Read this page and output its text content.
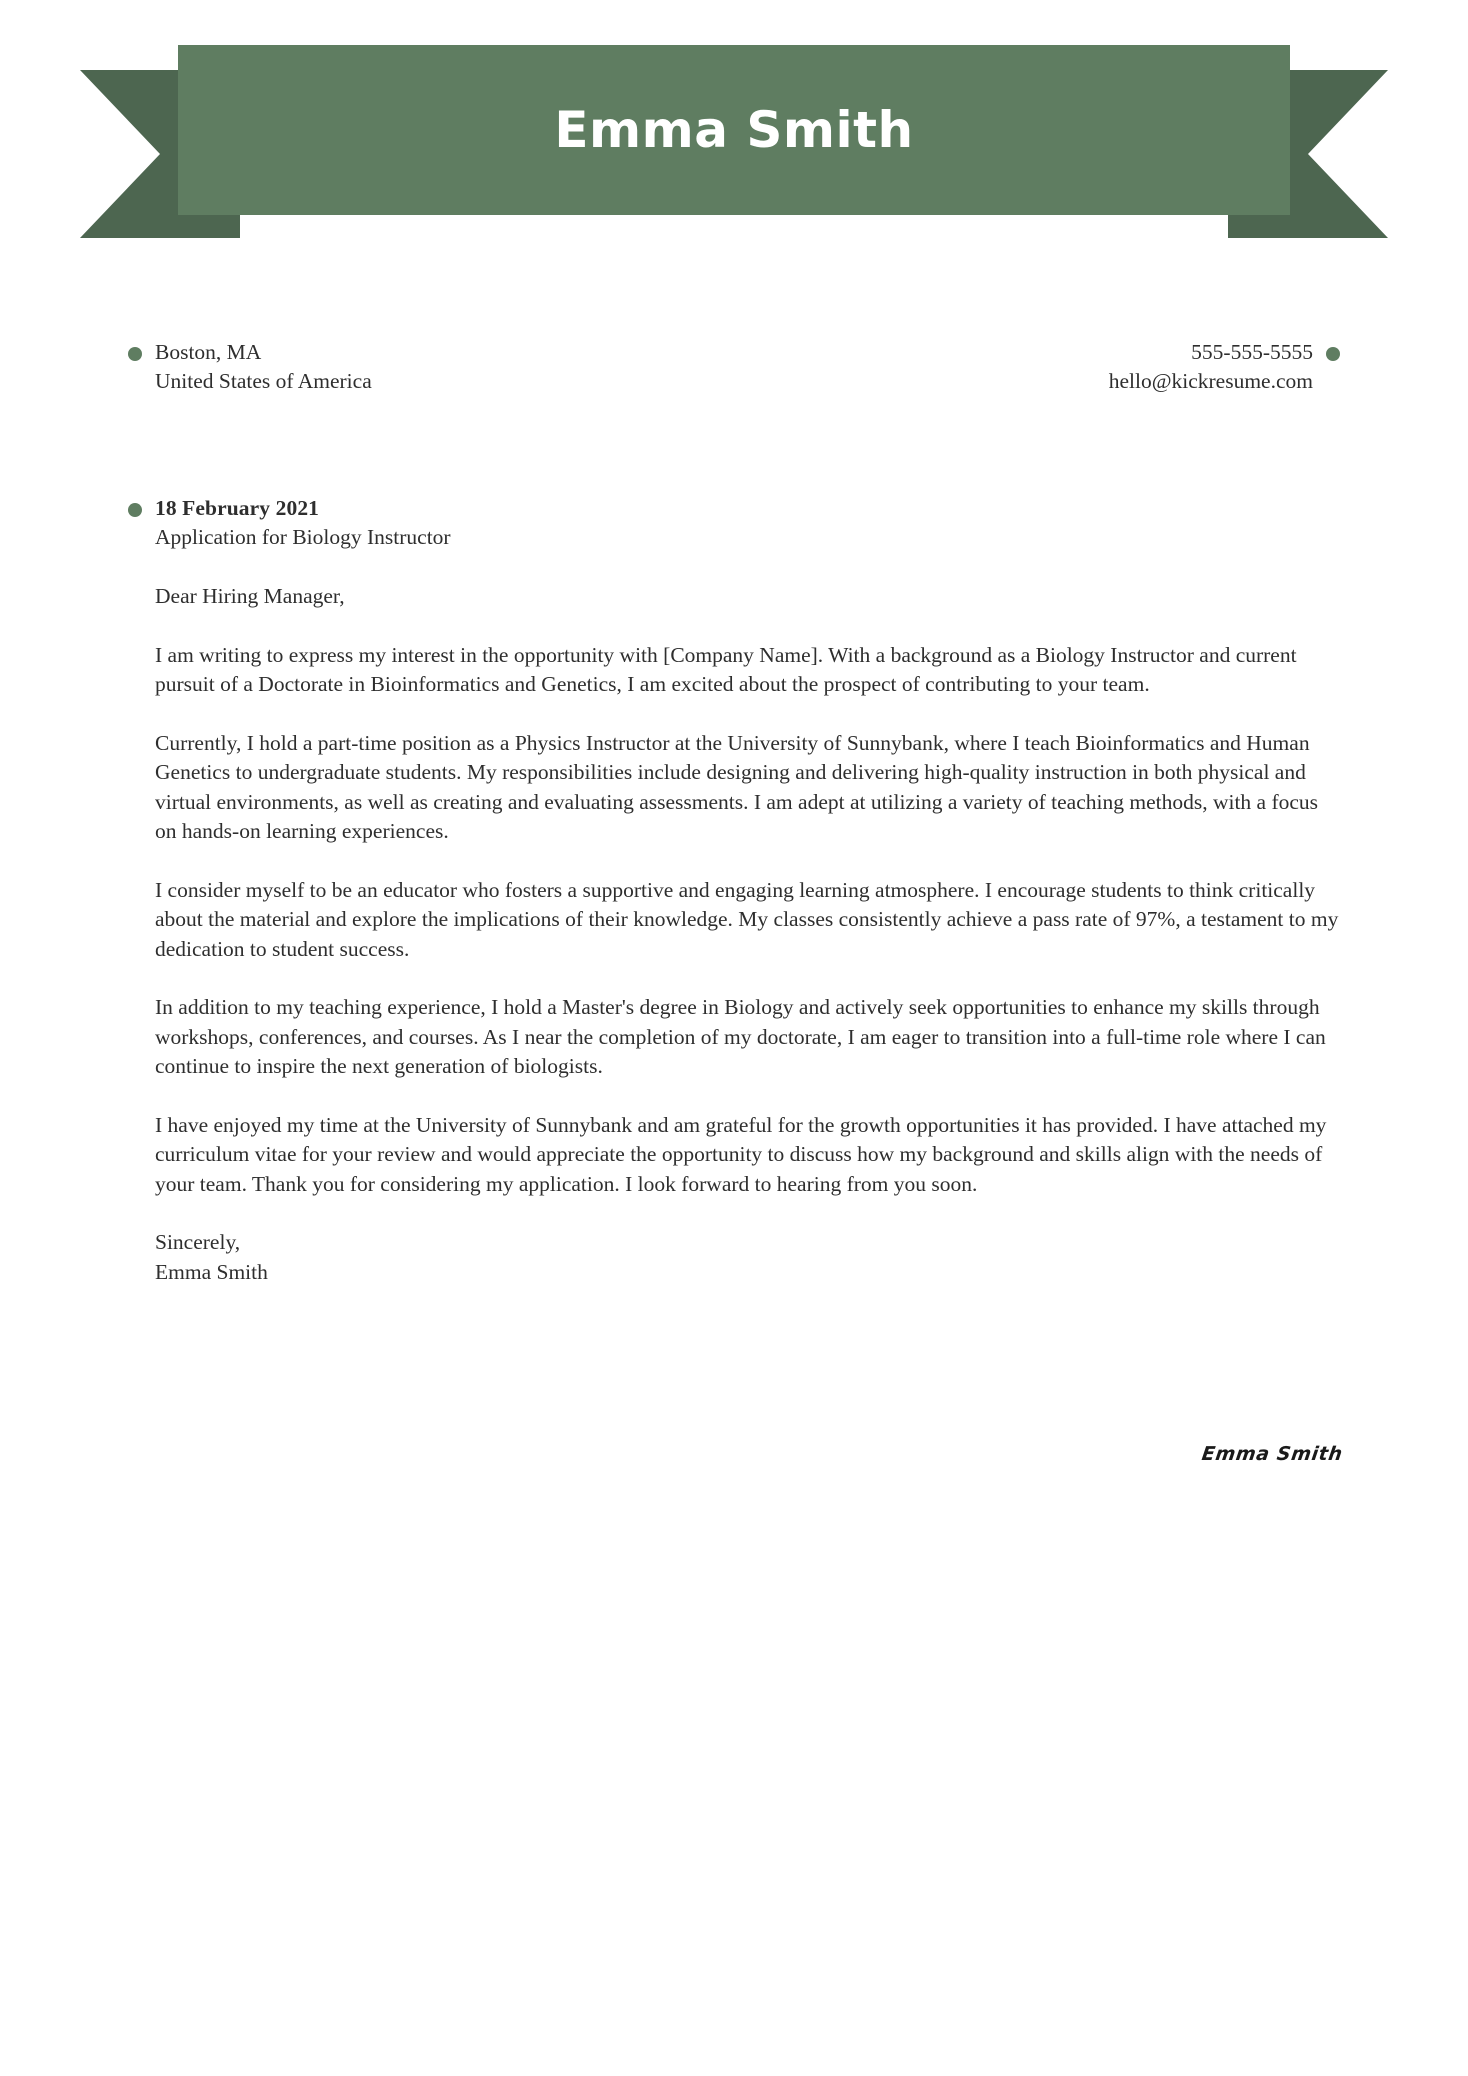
Emma Smith
Boston, MA
United States of America
555-555-5555
hello@kickresume.com
18 February 2021
Application for Biology Instructor

Dear Hiring Manager,

I am writing to express my interest in the opportunity with [Company Name]. With a background as a Biology Instructor and current pursuit of a Doctorate in Bioinformatics and Genetics, I am excited about the prospect of contributing to your team.

Currently, I hold a part-time position as a Physics Instructor at the University of Sunnybank, where I teach Bioinformatics and Human Genetics to undergraduate students. My responsibilities include designing and delivering high-quality instruction in both physical and virtual environments, as well as creating and evaluating assessments. I am adept at utilizing a variety of teaching methods, with a focus on hands-on learning experiences.

I consider myself to be an educator who fosters a supportive and engaging learning atmosphere. I encourage students to think critically about the material and explore the implications of their knowledge. My classes consistently achieve a pass rate of 97%, a testament to my dedication to student success.

In addition to my teaching experience, I hold a Master's degree in Biology and actively seek opportunities to enhance my skills through workshops, conferences, and courses. As I near the completion of my doctorate, I am eager to transition into a full-time role where I can continue to inspire the next generation of biologists.

I have enjoyed my time at the University of Sunnybank and am grateful for the growth opportunities it has provided. I have attached my curriculum vitae for your review and would appreciate the opportunity to discuss how my background and skills align with the needs of your team. Thank you for considering my application. I look forward to hearing from you soon.

Sincerely,
Emma Smith

Emma Smith
